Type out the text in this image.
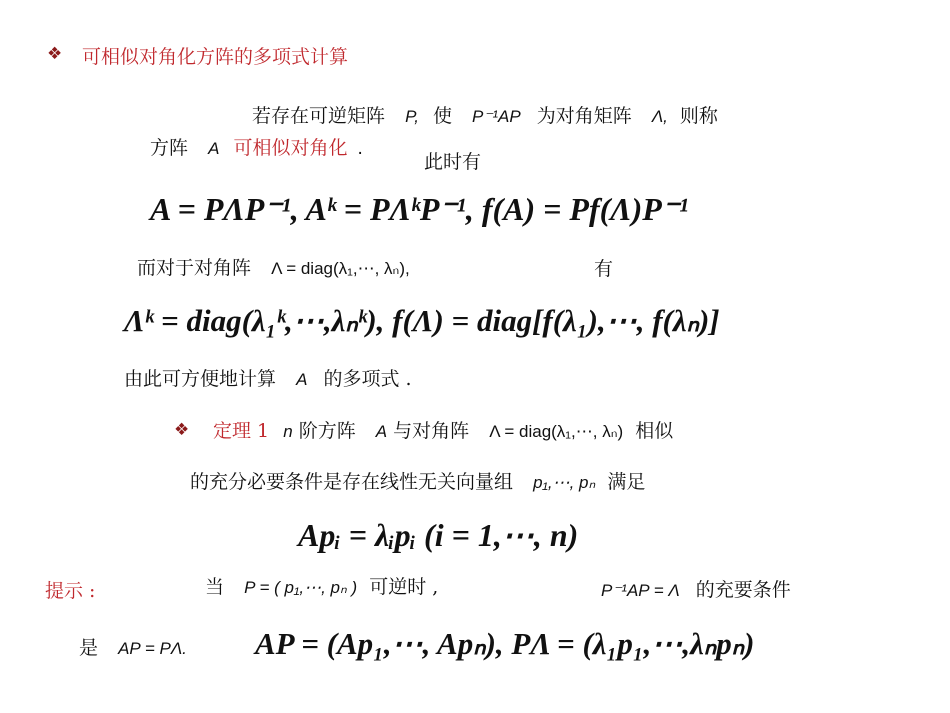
❖ 可相似对角化方阵的多项式计算
若存在可逆矩阵 P, 使 P⁻¹AP 为对角矩阵 Λ, 则称
方阵 A 可相似对角化 .
此时有
A = PΛP⁻¹, Aᵏ = PΛᵏP⁻¹, f(A) = Pf(Λ)P⁻¹
而对于对角阵 Λ = diag(λ₁,⋯, λₙ),	有
Λᵏ = diag(λ₁ᵏ,⋯,λₙᵏ), f(Λ) = diag[f(λ₁),⋯, f(λₙ)]
由此可方便地计算 A 的多项式 .
❖ 定理 1 n 阶方阵 A 与对角阵 Λ = diag(λ₁,⋯, λₙ) 相似
的充分必要条件是存在线性无关向量组 p₁,⋯, pₙ 满足
Apᵢ = λᵢpᵢ (i = 1,⋯, n)
提示 :	当 P = ( p₁,⋯, pₙ ) 可逆时 ,	P⁻¹AP = Λ 的充要条件
是 AP = PΛ. AP = (Ap₁,⋯, Apₙ), PΛ = (λ₁p₁,⋯,λₙpₙ)
